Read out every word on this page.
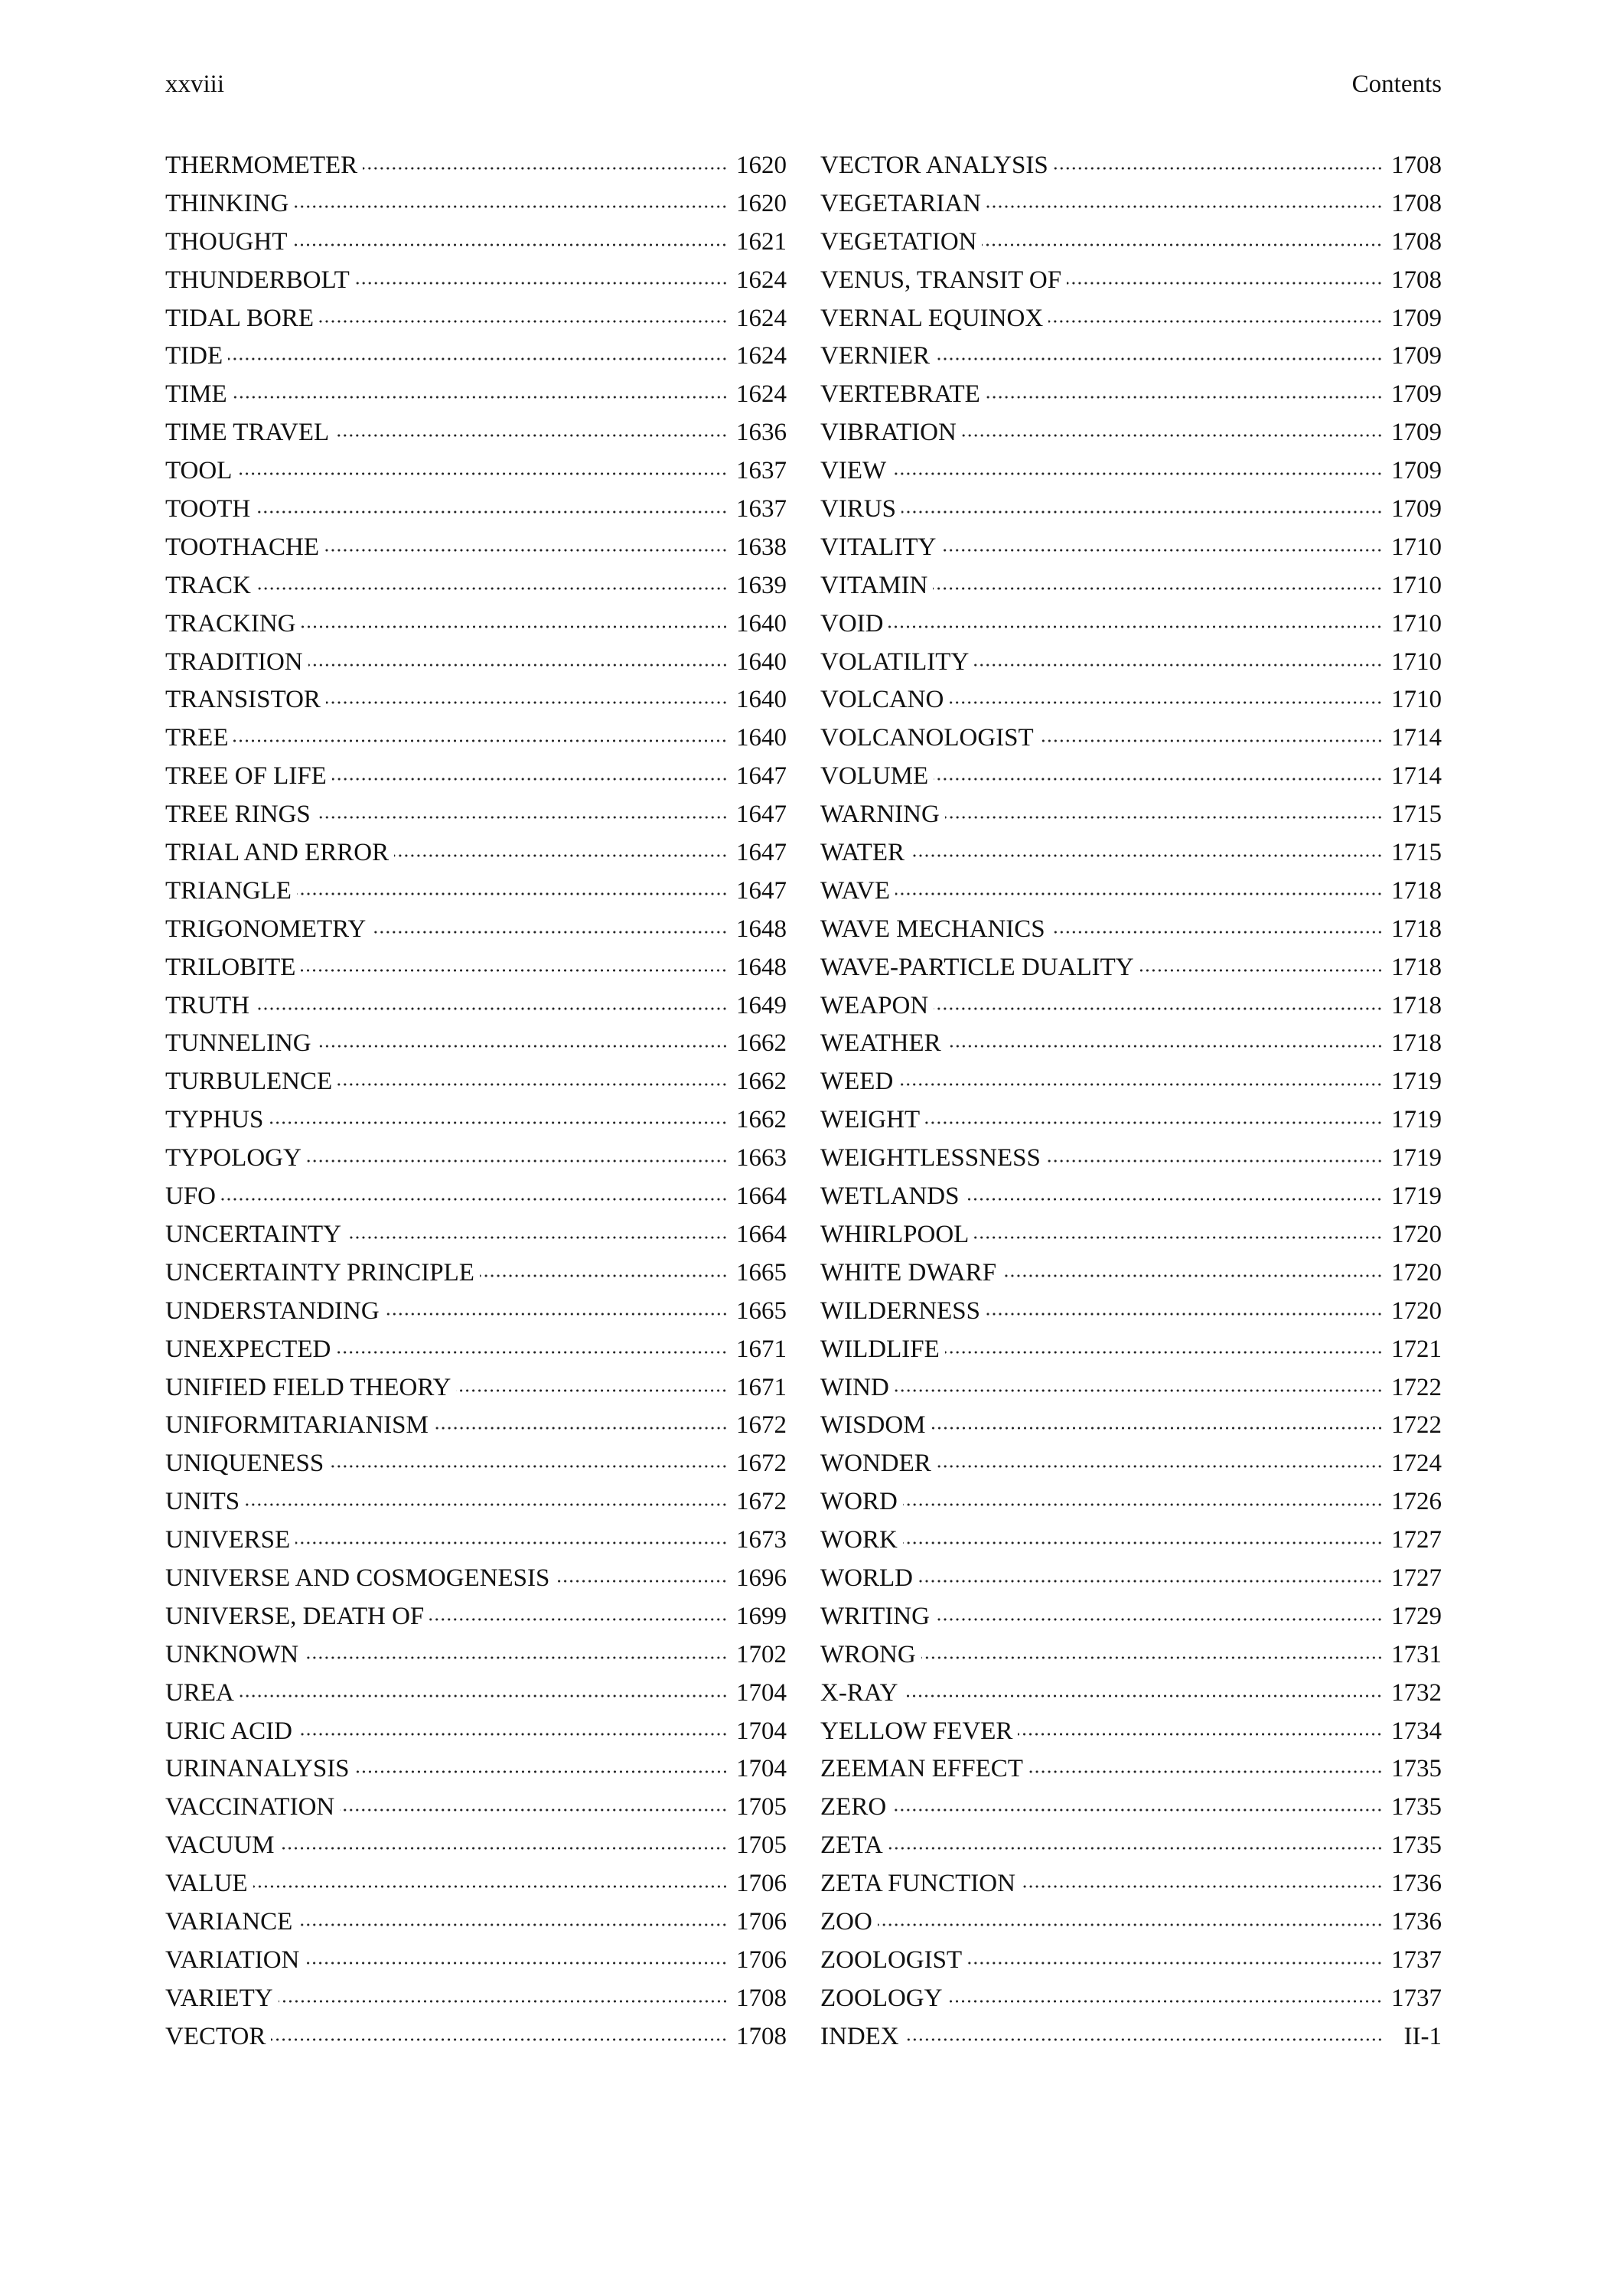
xxviii	Contents
THERMOMETER	1620
THINKING	1620
THOUGHT	1621
THUNDERBOLT	1624
TIDAL BORE	1624
TIDE	1624
TIME	1624
TIME TRAVEL	1636
TOOL	1637
TOOTH	1637
TOOTHACHE	1638
TRACK	1639
TRACKING	1640
TRADITION	1640
TRANSISTOR	1640
TREE	1640
TREE OF LIFE	1647
TREE RINGS	1647
TRIAL AND ERROR	1647
TRIANGLE	1647
TRIGONOMETRY	1648
TRILOBITE	1648
TRUTH	1649
TUNNELING	1662
TURBULENCE	1662
TYPHUS	1662
TYPOLOGY	1663
UFO	1664
UNCERTAINTY	1664
UNCERTAINTY PRINCIPLE	1665
UNDERSTANDING	1665
UNEXPECTED	1671
UNIFIED FIELD THEORY	1671
UNIFORMITARIANISM	1672
UNIQUENESS	1672
UNITS	1672
UNIVERSE	1673
UNIVERSE AND COSMOGENESIS	1696
UNIVERSE, DEATH OF	1699
UNKNOWN	1702
UREA	1704
URIC ACID	1704
URINANALYSIS	1704
VACCINATION	1705
VACUUM	1705
VALUE	1706
VARIANCE	1706
VARIATION	1706
VARIETY	1708
VECTOR	1708
VECTOR ANALYSIS	1708
VEGETARIAN	1708
VEGETATION	1708
VENUS, TRANSIT OF	1708
VERNAL EQUINOX	1709
VERNIER	1709
VERTEBRATE	1709
VIBRATION	1709
VIEW	1709
VIRUS	1709
VITALITY	1710
VITAMIN	1710
VOID	1710
VOLATILITY	1710
VOLCANO	1710
VOLCANOLOGIST	1714
VOLUME	1714
WARNING	1715
WATER	1715
WAVE	1718
WAVE MECHANICS	1718
WAVE-PARTICLE DUALITY	1718
WEAPON	1718
WEATHER	1718
WEED	1719
WEIGHT	1719
WEIGHTLESSNESS	1719
WETLANDS	1719
WHIRLPOOL	1720
WHITE DWARF	1720
WILDERNESS	1720
WILDLIFE	1721
WIND	1722
WISDOM	1722
WONDER	1724
WORD	1726
WORK	1727
WORLD	1727
WRITING	1729
WRONG	1731
X-RAY	1732
YELLOW FEVER	1734
ZEEMAN EFFECT	1735
ZERO	1735
ZETA	1735
ZETA FUNCTION	1736
ZOO	1736
ZOOLOGIST	1737
ZOOLOGY	1737
INDEX	II-1
